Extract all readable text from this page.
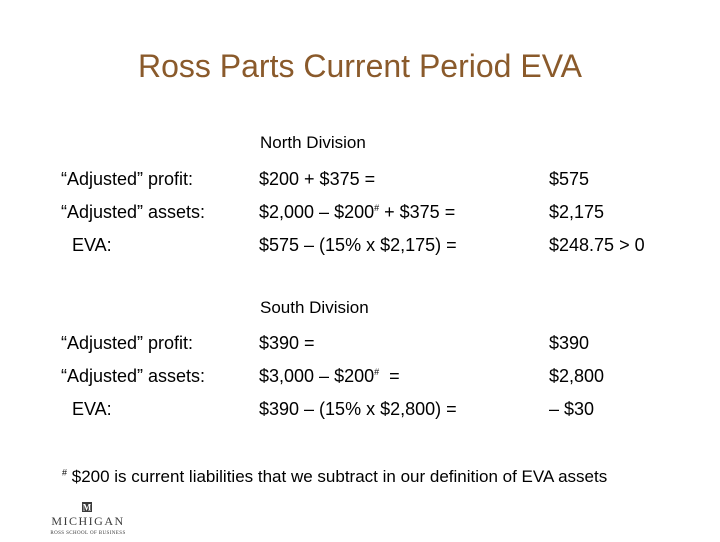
Ross Parts Current Period EVA
North Division
“Adjusted” profit:	$200 + $375 =	$575
“Adjusted” assets:	$2,000 – $200# + $375 =	$2,175
EVA:	$575 – (15% x $2,175) =	$248.75 > 0
South Division
“Adjusted” profit:	$390 =	$390
“Adjusted” assets:	$3,000 – $200#  =	$2,800
EVA:	$390 – (15% x $2,800) =	– $30
# $200 is current liabilities that we subtract in our definition of EVA assets
M
MICHIGAN
ROSS SCHOOL OF BUSINESS
